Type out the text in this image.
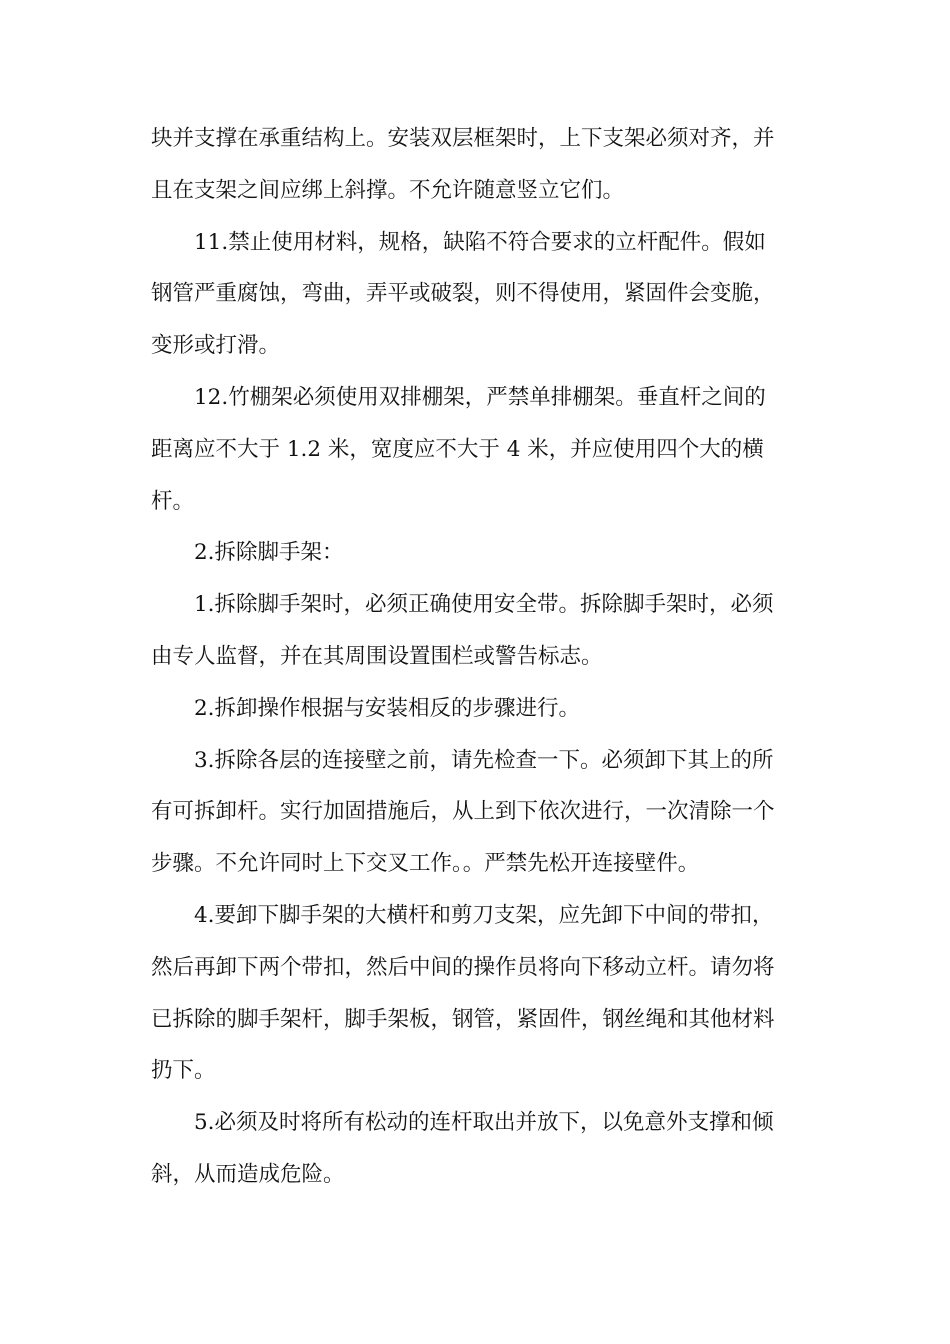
块并支撑在承重结构上。安装双层框架时，上下支架必须对齐，并
且在支架之间应绑上斜撑。不允许随意竖立它们。
11.禁止使用材料，规格，缺陷不符合要求的立杆配件。假如
钢管严重腐蚀，弯曲，弄平或破裂，则不得使用，紧固件会变脆，
变形或打滑。
12.竹棚架必须使用双排棚架，严禁单排棚架。垂直杆之间的
距离应不大于 1.2 米，宽度应不大于 4 米，并应使用四个大的横
杆。
2.拆除脚手架：
1.拆除脚手架时，必须正确使用安全带。拆除脚手架时，必须
由专人监督，并在其周围设置围栏或警告标志。
2.拆卸操作根据与安装相反的步骤进行。
3.拆除各层的连接壁之前，请先检查一下。必须卸下其上的所
有可拆卸杆。实行加固措施后，从上到下依次进行，一次清除一个
步骤。不允许同时上下交叉工作。。严禁先松开连接壁件。
4.要卸下脚手架的大横杆和剪刀支架，应先卸下中间的带扣，
然后再卸下两个带扣，然后中间的操作员将向下移动立杆。请勿将
已拆除的脚手架杆，脚手架板，钢管，紧固件，钢丝绳和其他材料
扔下。
5.必须及时将所有松动的连杆取出并放下，以免意外支撑和倾
斜，从而造成危险。
